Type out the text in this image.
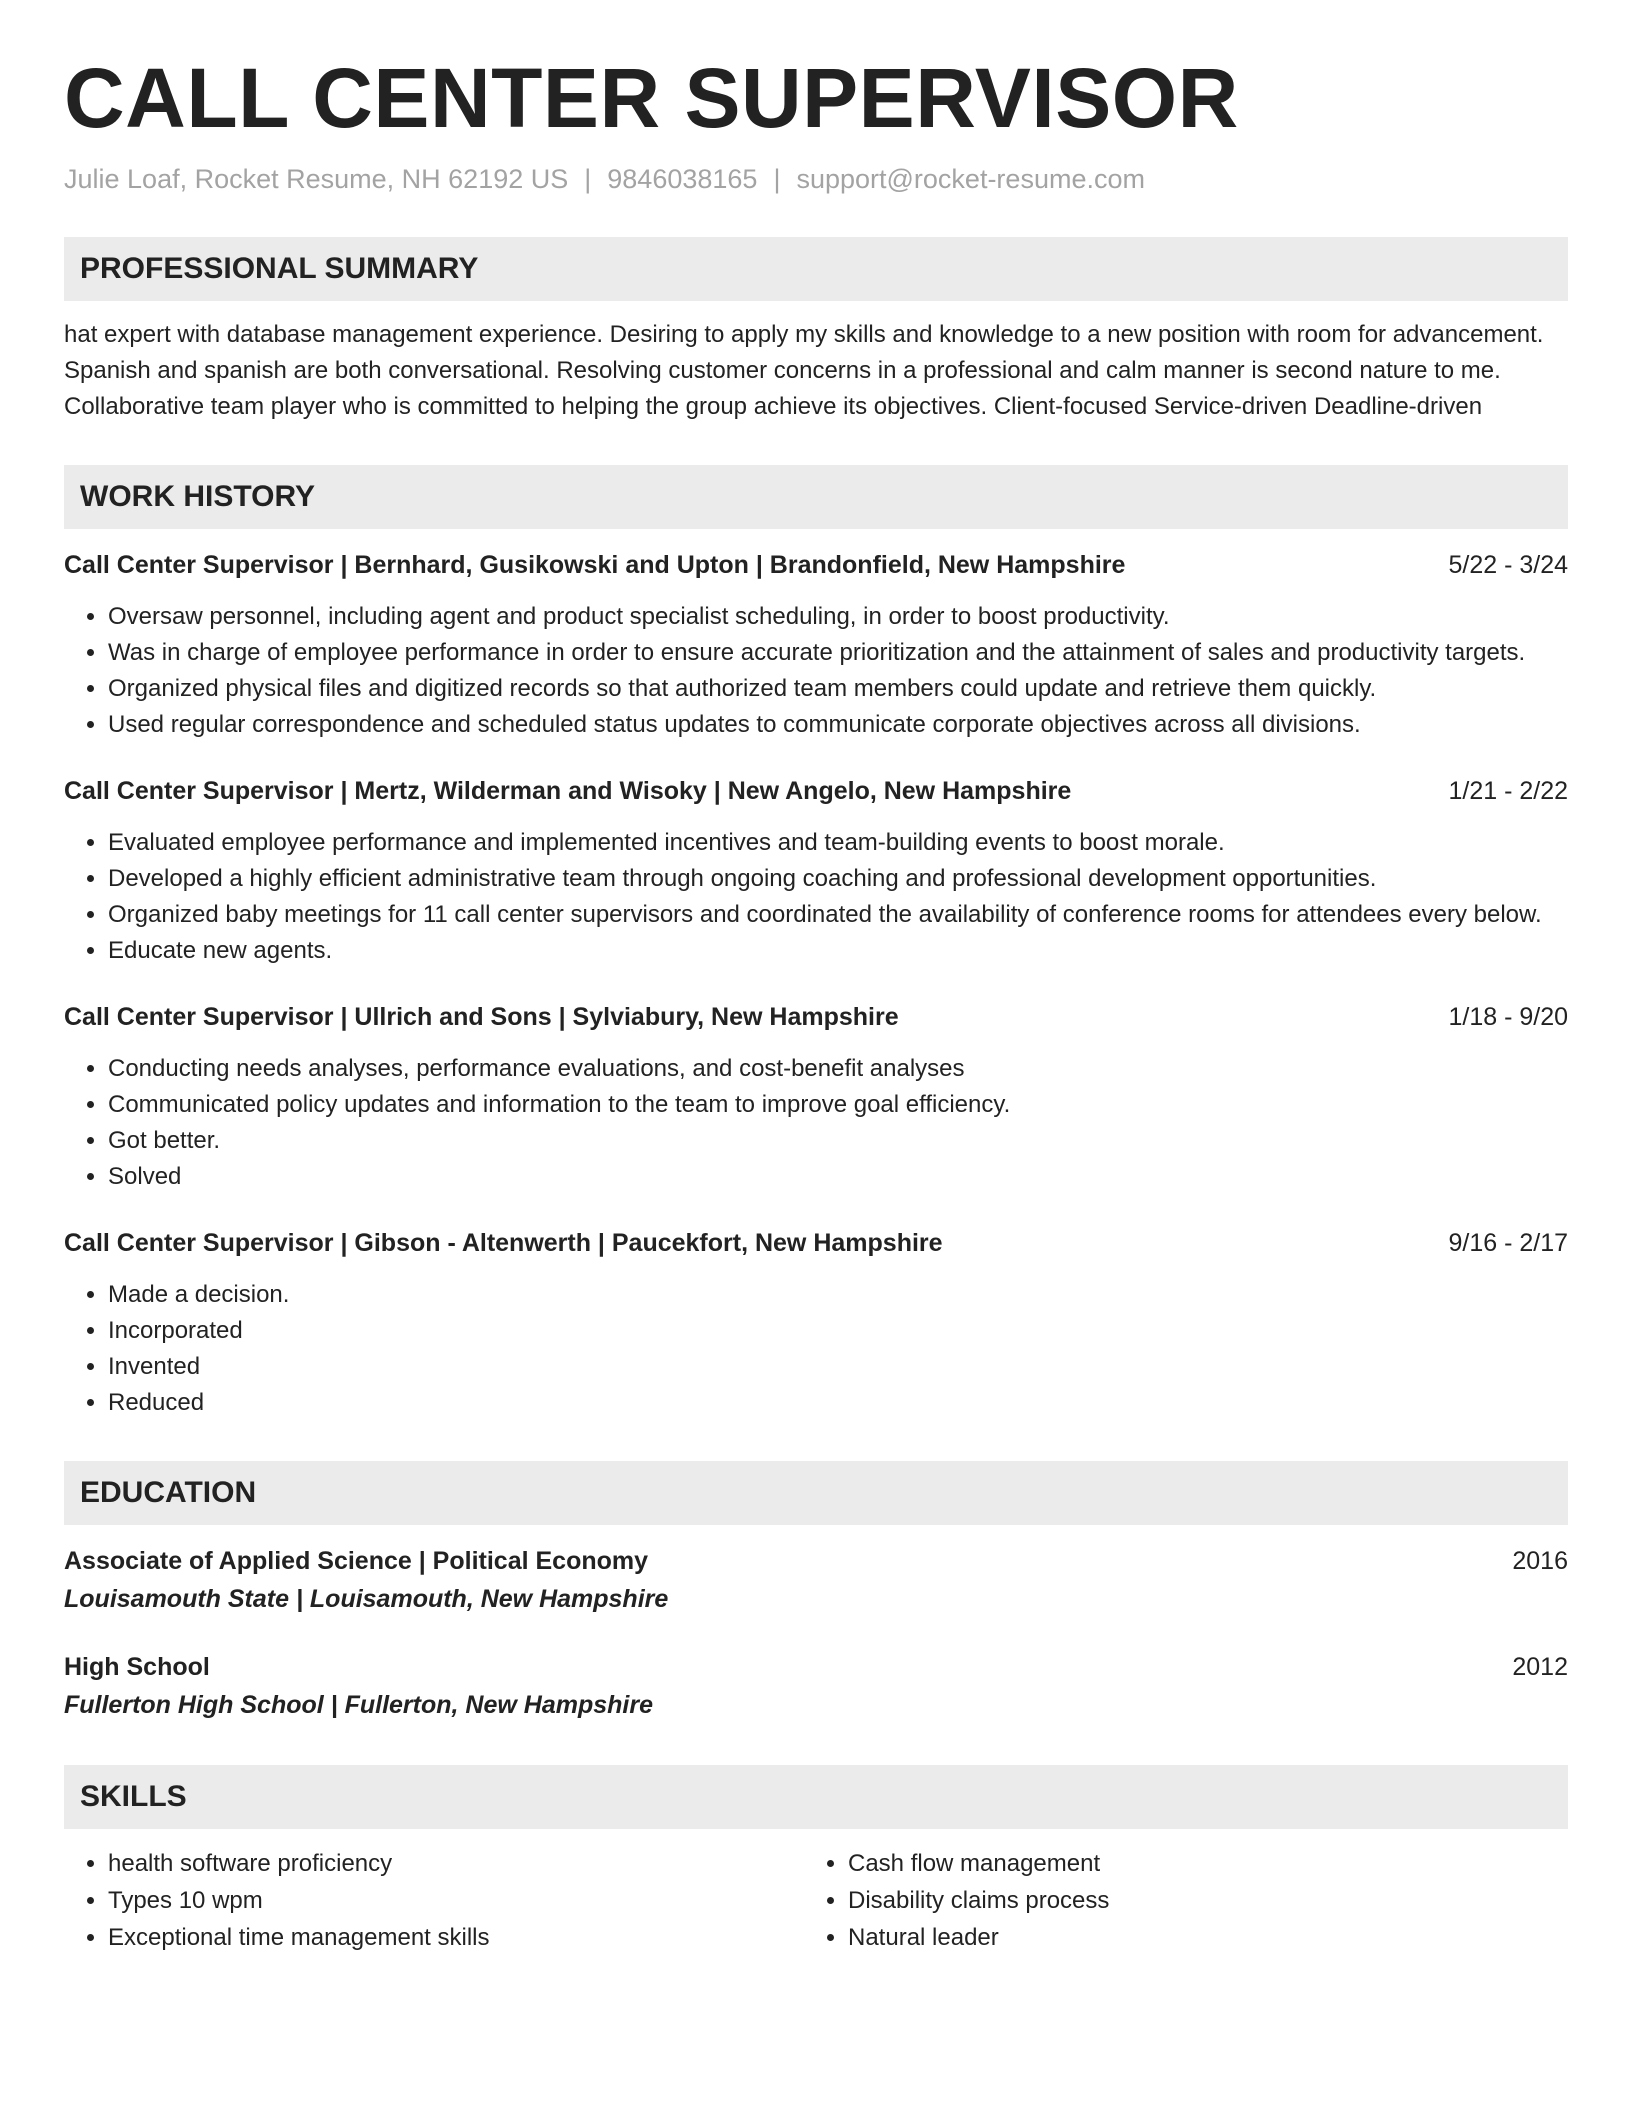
CALL CENTER SUPERVISOR
Julie Loaf, Rocket Resume, NH 62192 US | 9846038165 | support@rocket-resume.com
PROFESSIONAL SUMMARY
hat expert with database management experience. Desiring to apply my skills and knowledge to a new position with room for advancement. Spanish and spanish are both conversational. Resolving customer concerns in a professional and calm manner is second nature to me. Collaborative team player who is committed to helping the group achieve its objectives. Client-focused Service-driven Deadline-driven
WORK HISTORY
Call Center Supervisor | Bernhard, Gusikowski and Upton | Brandonfield, New Hampshire	5/22 - 3/24
• Oversaw personnel, including agent and product specialist scheduling, in order to boost productivity.
• Was in charge of employee performance in order to ensure accurate prioritization and the attainment of sales and productivity targets.
• Organized physical files and digitized records so that authorized team members could update and retrieve them quickly.
• Used regular correspondence and scheduled status updates to communicate corporate objectives across all divisions.
Call Center Supervisor | Mertz, Wilderman and Wisoky | New Angelo, New Hampshire	1/21 - 2/22
• Evaluated employee performance and implemented incentives and team-building events to boost morale.
• Developed a highly efficient administrative team through ongoing coaching and professional development opportunities.
• Organized baby meetings for 11 call center supervisors and coordinated the availability of conference rooms for attendees every below.
• Educate new agents.
Call Center Supervisor | Ullrich and Sons | Sylviabury, New Hampshire	1/18 - 9/20
• Conducting needs analyses, performance evaluations, and cost-benefit analyses
• Communicated policy updates and information to the team to improve goal efficiency.
• Got better.
• Solved
Call Center Supervisor | Gibson - Altenwerth | Paucekfort, New Hampshire	9/16 - 2/17
• Made a decision.
• Incorporated
• Invented
• Reduced
EDUCATION
Associate of Applied Science | Political Economy	2016
Louisamouth State | Louisamouth, New Hampshire
High School	2012
Fullerton High School | Fullerton, New Hampshire
SKILLS
• health software proficiency
• Types 10 wpm
• Exceptional time management skills
• Cash flow management
• Disability claims process
• Natural leader
